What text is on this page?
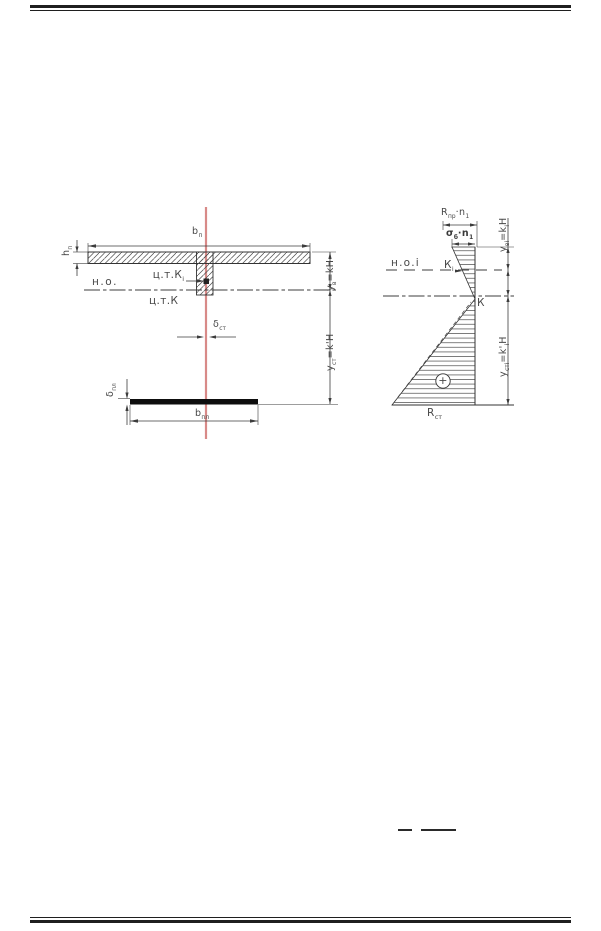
$b_п$
$h_п$
н.о.
$ц.т.К_i$
ц.т.К
$\delta_{ст}$
$\delta_{пл}$
$b_{пл}$
$y_в=kH$
$y_{ст}=k'H$
$R_{пр}\cdot n_1$
$\sigma_б\cdot n_1$
н.о.i $К_i$
К
+
$R_{ст}$
$y_{вi}=k_iH$
$y_{стi}=k'_iH$
